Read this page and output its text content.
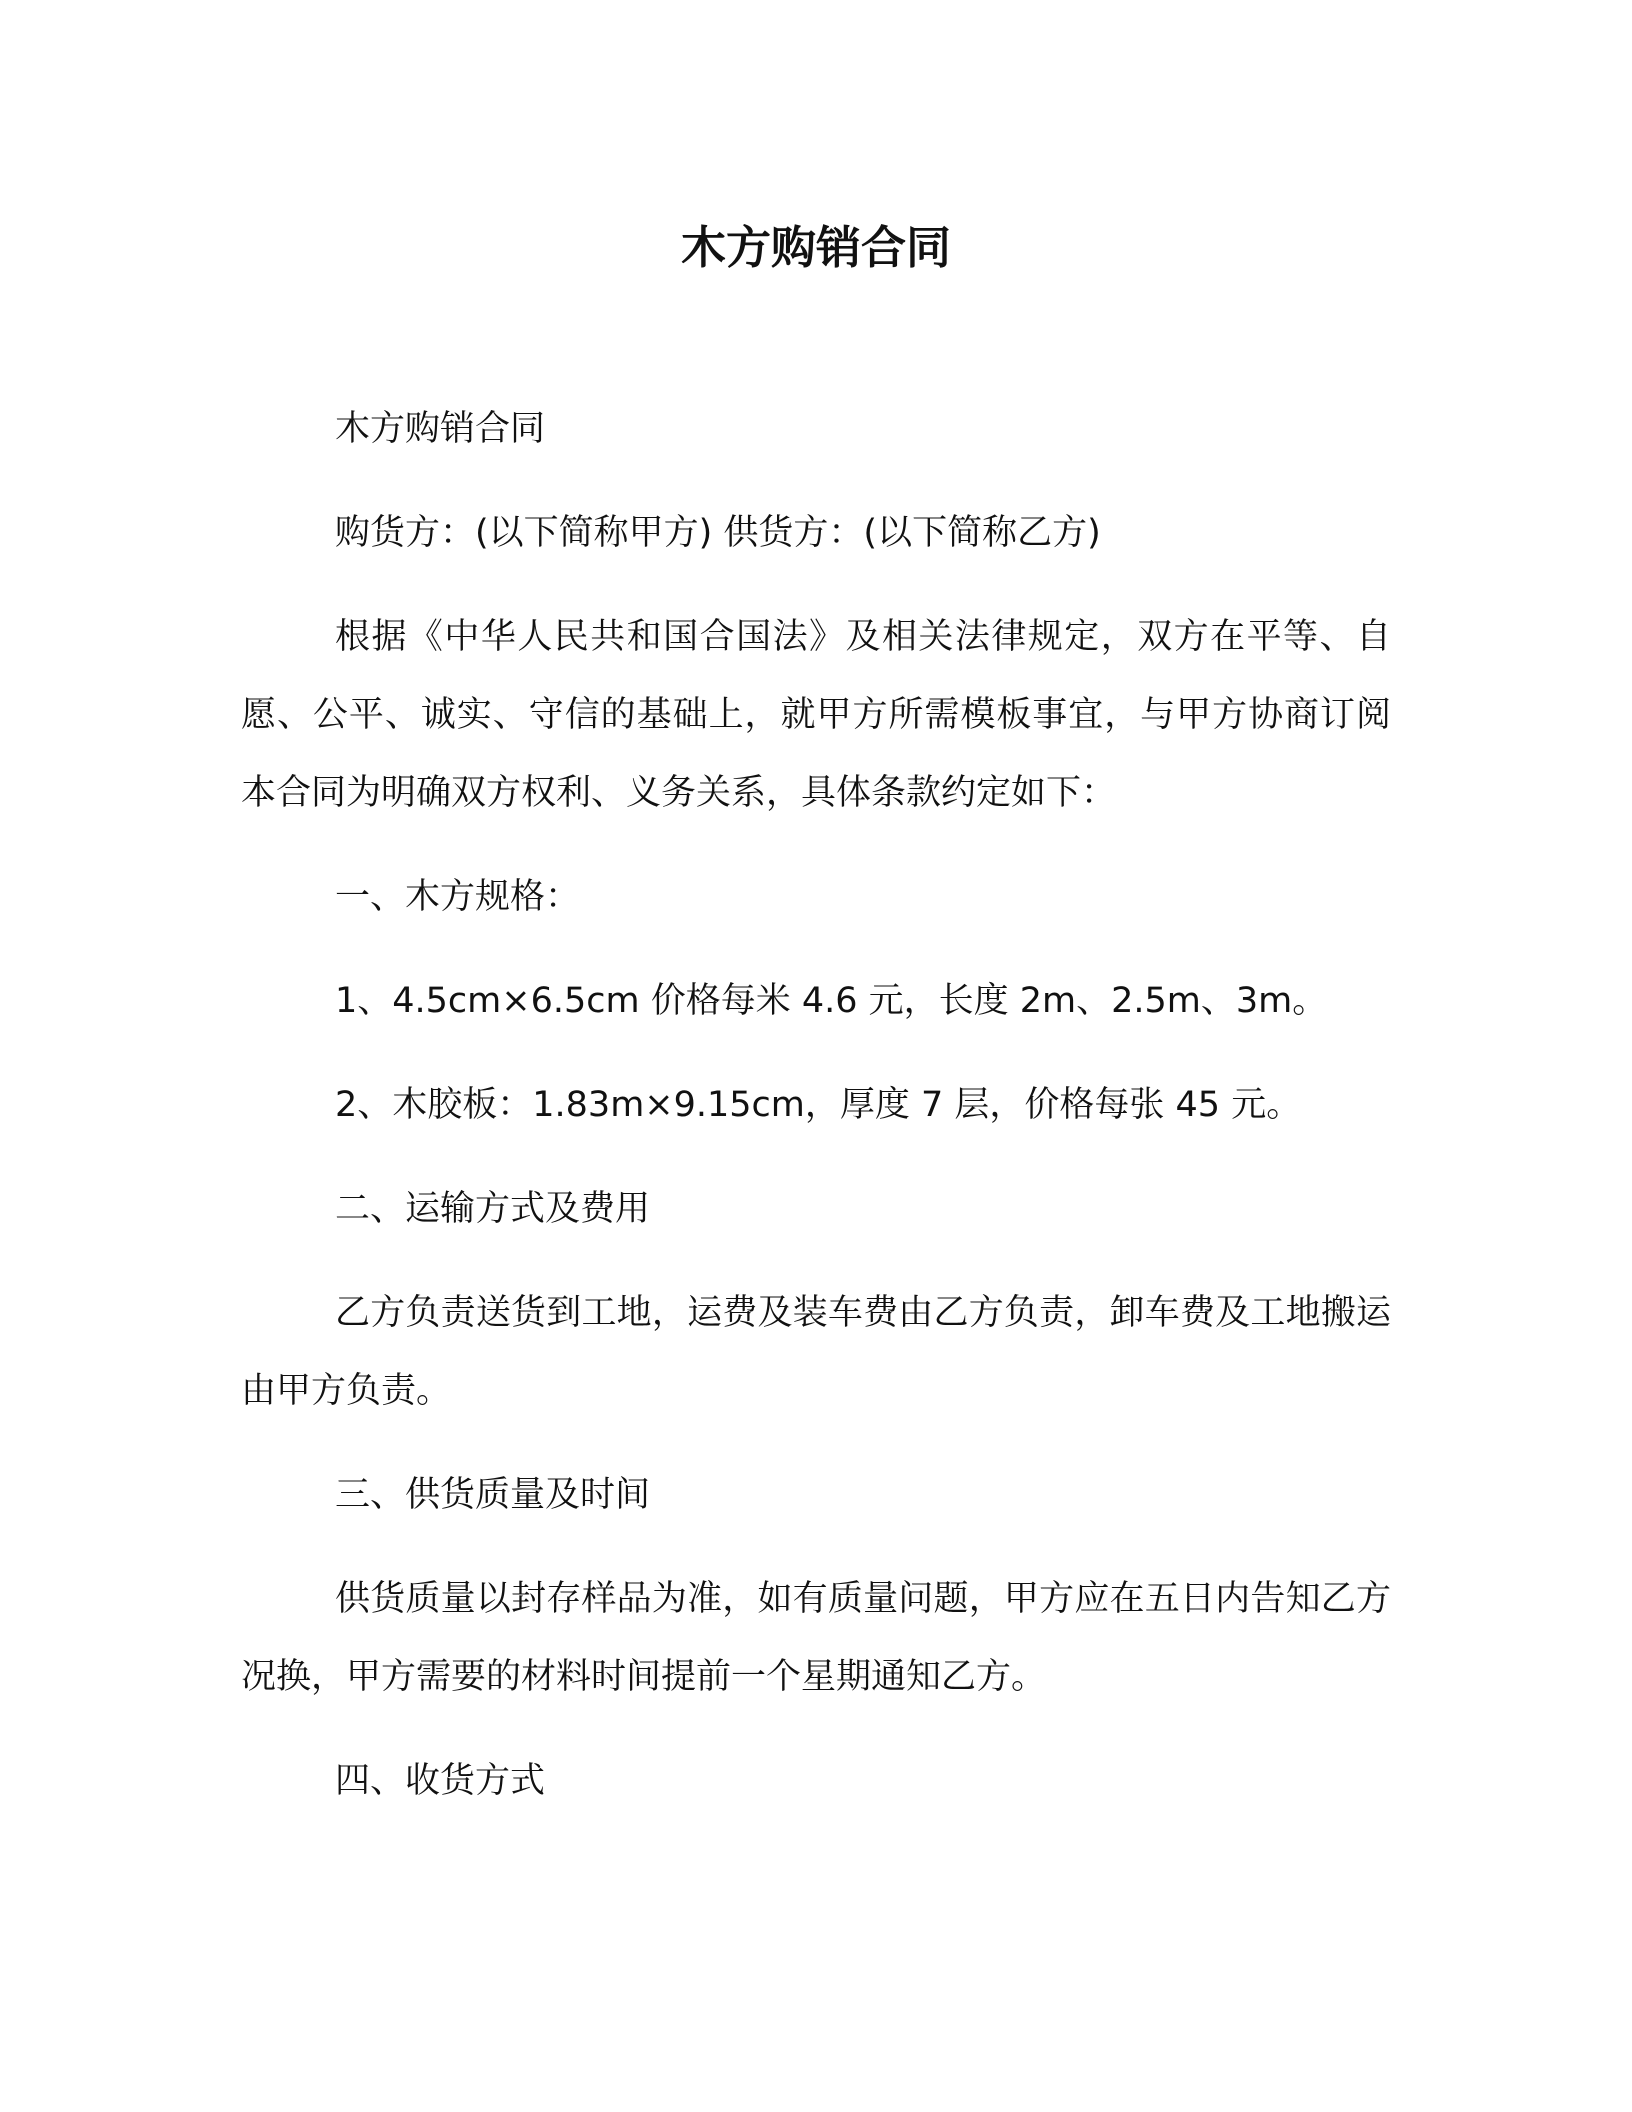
木方购销合同

木方购销合同

购货方：(以下简称甲方) 供货方：(以下简称乙方)

根据《中华人民共和国合国法》及相关法律规定，双方在平等、自愿、公平、诚实、守信的基础上，就甲方所需模板事宜，与甲方协商订阅本合同为明确双方权利、义务关系，具体条款约定如下：

一、木方规格：

1、4.5cm×6.5cm 价格每米 4.6 元，长度 2m、2.5m、3m。

2、木胶板：1.83m×9.15cm，厚度 7 层，价格每张 45 元。

二、运输方式及费用

乙方负责送货到工地，运费及装车费由乙方负责，卸车费及工地搬运由甲方负责。

三、供货质量及时间

供货质量以封存样品为准，如有质量问题，甲方应在五日内告知乙方况换，甲方需要的材料时间提前一个星期通知乙方。

四、收货方式
